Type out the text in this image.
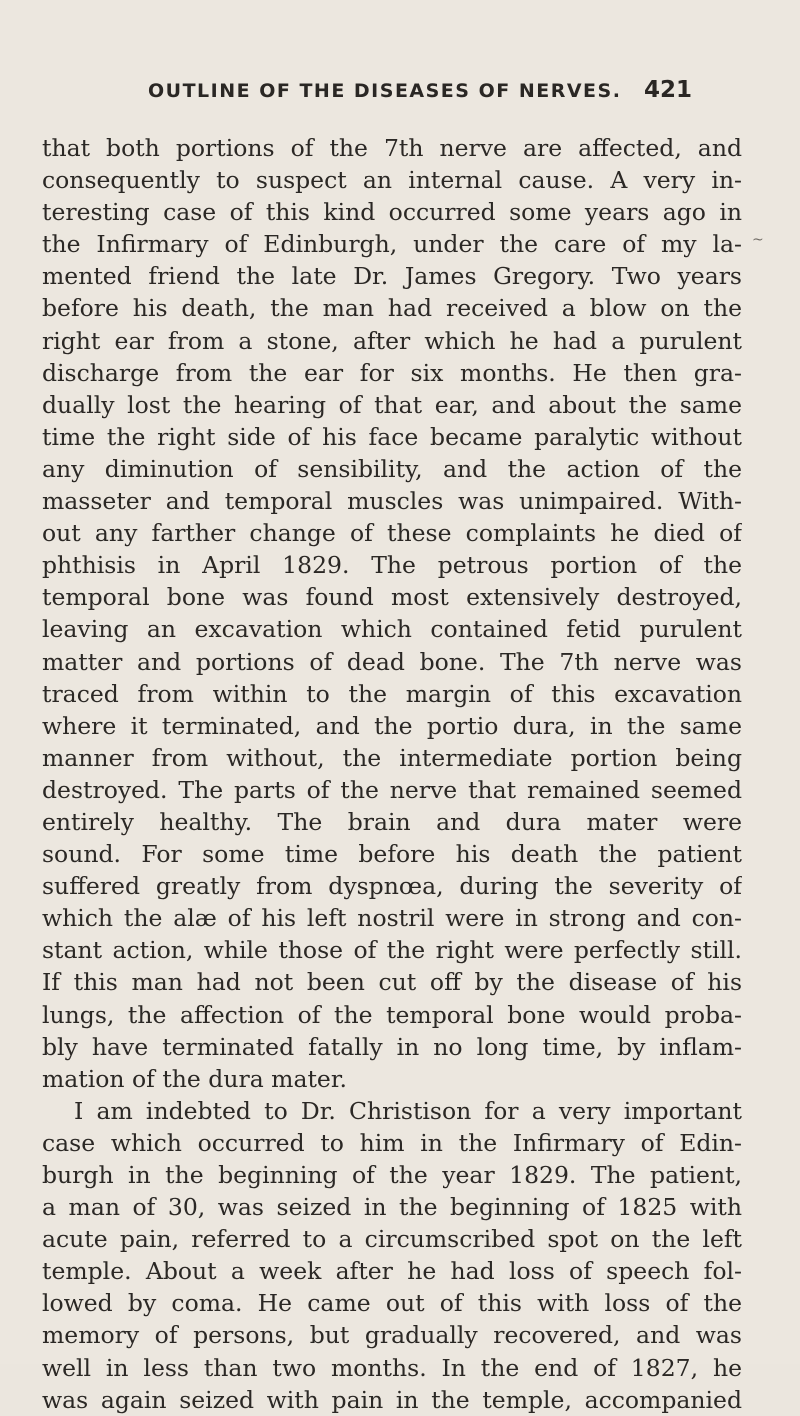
OUTLINE OF THE DISEASES OF NERVES. 421
~
that both portions of the 7th nerve are affected, and
consequently to suspect an internal cause. A very in-
teresting case of this kind occurred some years ago in
the Infirmary of Edinburgh, under the care of my la-
mented friend the late Dr. James Gregory. Two years
before his death, the man had received a blow on the
right ear from a stone, after which he had a purulent
discharge from the ear for six months. He then gra-
dually lost the hearing of that ear, and about the same
time the right side of his face became paralytic without
any diminution of sensibility, and the action of the
masseter and temporal muscles was unimpaired. With-
out any farther change of these complaints he died of
phthisis in April 1829. The petrous portion of the
temporal bone was found most extensively destroyed,
leaving an excavation which contained fetid purulent
matter and portions of dead bone. The 7th nerve was
traced from within to the margin of this excavation
where it terminated, and the portio dura, in the same
manner from without, the intermediate portion being
destroyed. The parts of the nerve that remained seemed
entirely healthy. The brain and dura mater were
sound. For some time before his death the patient
suffered greatly from dyspnœa, during the severity of
which the alæ of his left nostril were in strong and con-
stant action, while those of the right were perfectly still.
If this man had not been cut off by the disease of his
lungs, the affection of the temporal bone would proba-
bly have terminated fatally in no long time, by inflam-
mation of the dura mater.
I am indebted to Dr. Christison for a very important
case which occurred to him in the Infirmary of Edin-
burgh in the beginning of the year 1829. The patient,
a man of 30, was seized in the beginning of 1825 with
acute pain, referred to a circumscribed spot on the left
temple. About a week after he had loss of speech fol-
lowed by coma. He came out of this with loss of the
memory of persons, but gradually recovered, and was
well in less than two months. In the end of 1827, he
was again seized with pain in the temple, accompanied
